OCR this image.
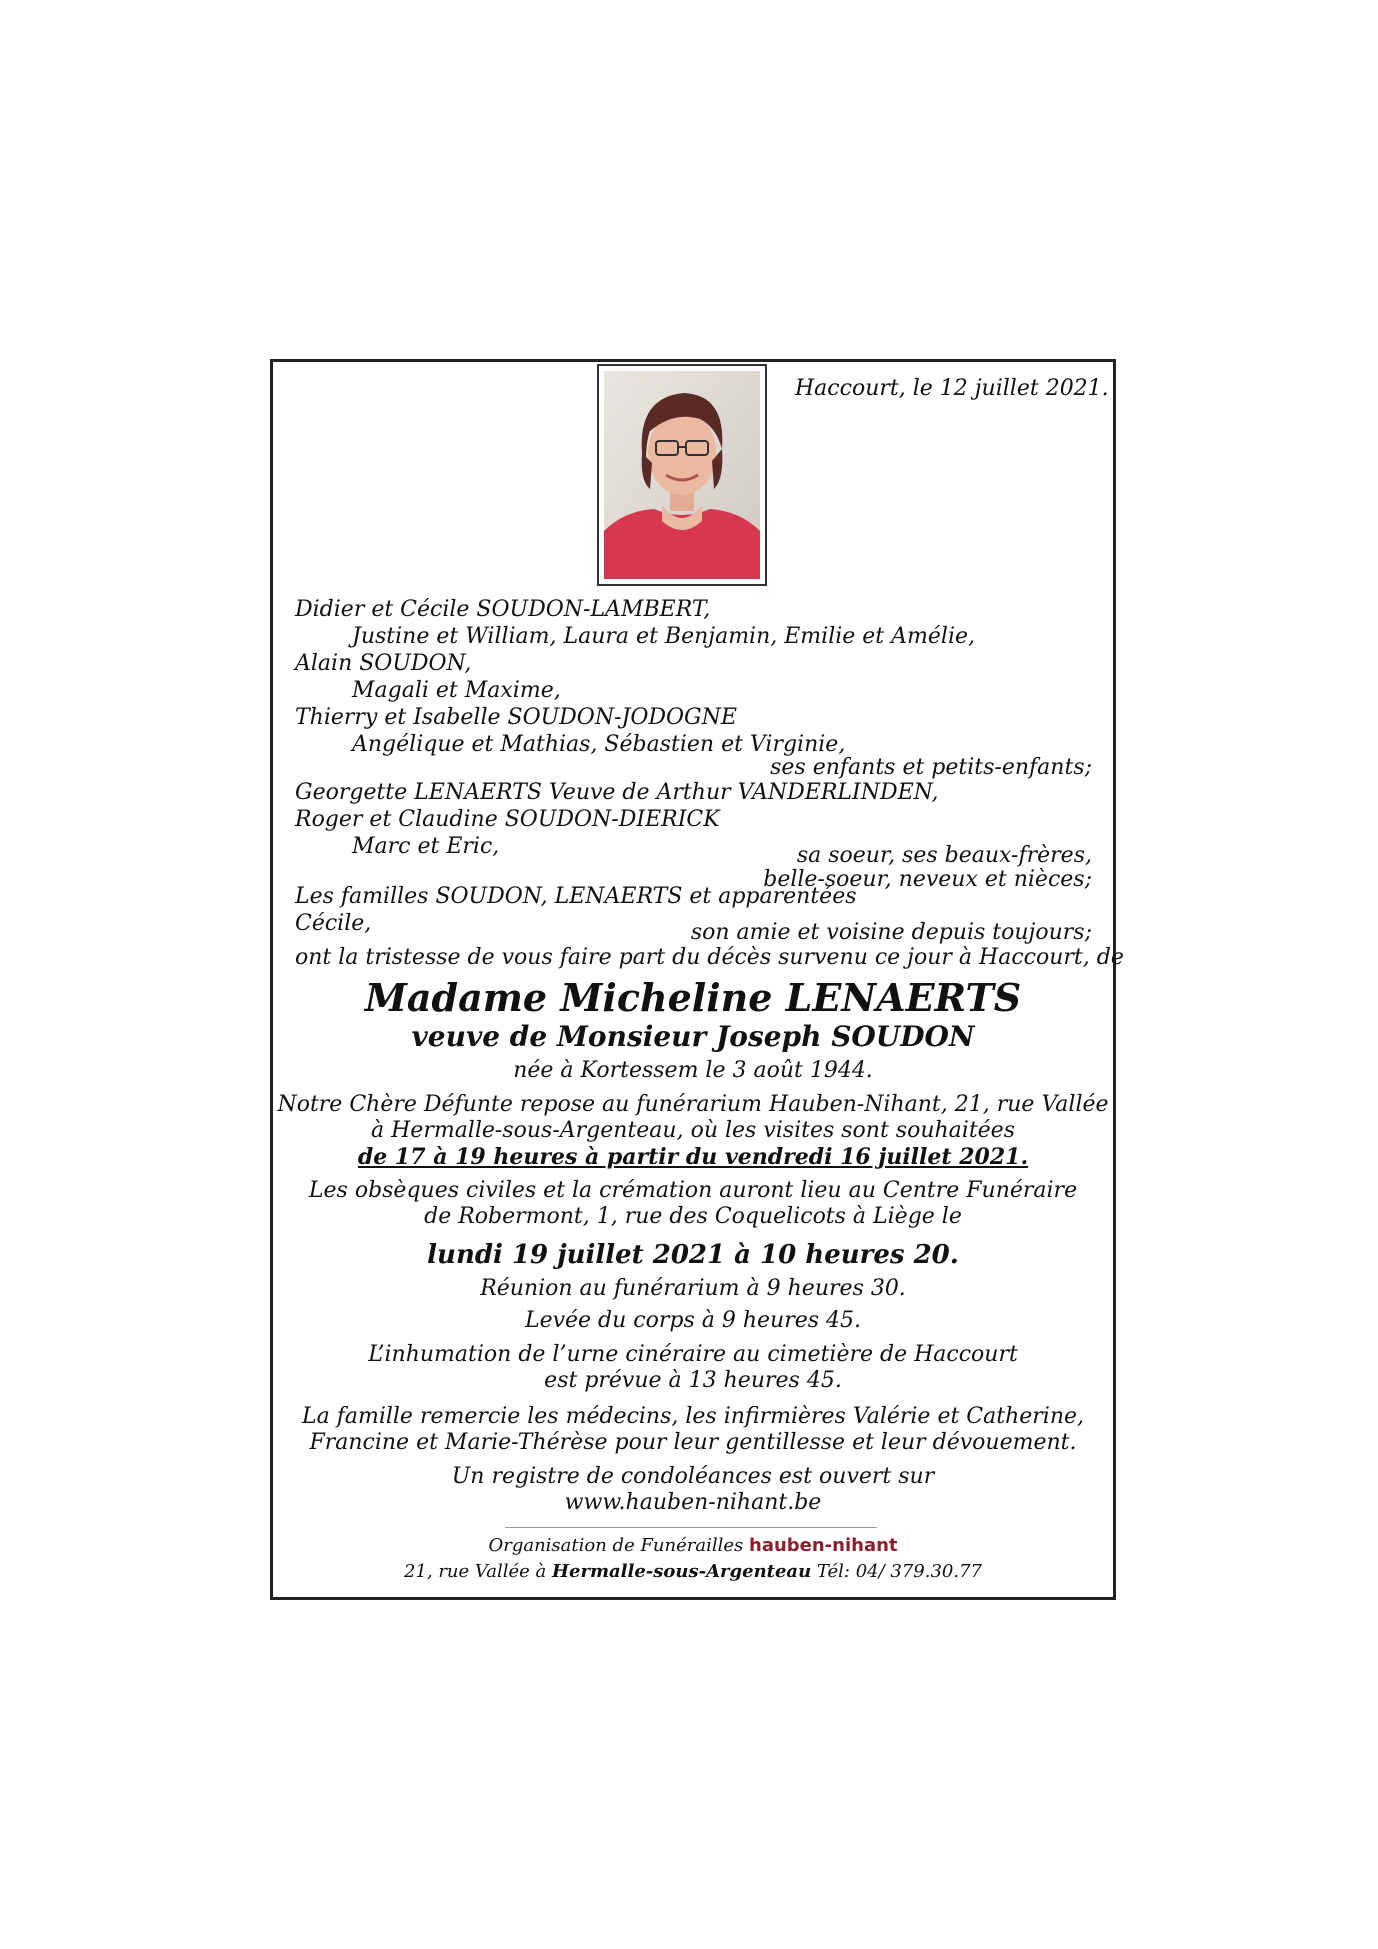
Haccourt, le 12 juillet 2021.
Didier et Cécile SOUDON-LAMBERT,
Justine et William, Laura et Benjamin, Emilie et Amélie,
Alain SOUDON,
Magali et Maxime,
Thierry et Isabelle SOUDON-JODOGNE
Angélique et Mathias, Sébastien et Virginie,
ses enfants et petits-enfants;
Georgette LENAERTS Veuve de Arthur VANDERLINDEN,
Roger et Claudine SOUDON-DIERICK
Marc et Eric,	sa soeur, ses beaux-frères,
belle-soeur, neveux et nièces;
Les familles SOUDON, LENAERTS et apparentées
Cécile,	son amie et voisine depuis toujours;
ont la tristesse de vous faire part du décès survenu ce jour à Haccourt, de
Madame Micheline LENAERTS
veuve de Monsieur Joseph SOUDON
née à Kortessem le 3 août 1944.
Notre Chère Défunte repose au funérarium Hauben-Nihant, 21, rue Vallée
à Hermalle-sous-Argenteau, où les visites sont souhaitées
de 17 à 19 heures à partir du vendredi 16 juillet 2021.
Les obsèques civiles et la crémation auront lieu au Centre Funéraire
de Robermont, 1, rue des Coquelicots à Liège le
lundi 19 juillet 2021 à 10 heures 20.
Réunion au funérarium à 9 heures 30.
Levée du corps à 9 heures 45.
L’inhumation de l’urne cinéraire au cimetière de Haccourt
est prévue à 13 heures 45.
La famille remercie les médecins, les infirmières Valérie et Catherine,
Francine et Marie-Thérèse pour leur gentillesse et leur dévouement.
Un registre de condoléances est ouvert sur
www.hauben-nihant.be
Organisation de Funérailles hauben-nihant
21, rue Vallée à Hermalle-sous-Argenteau Tél: 04/ 379.30.77
